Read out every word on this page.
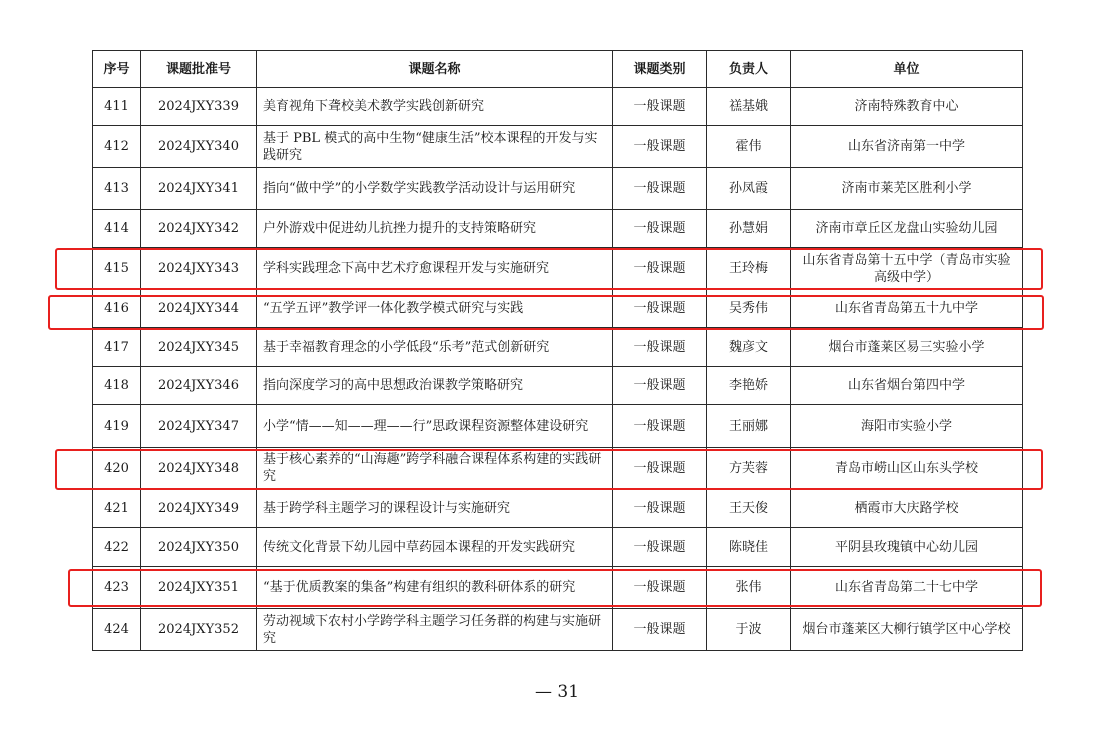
序号	课题批准号	课题名称	课题类别	负责人	单位
411	2024JXY339	美育视角下聋校美术教学实践创新研究	一般课题	禚基娥	济南特殊教育中心
412	2024JXY340	基于 PBL 模式的高中生物“健康生活”校本课程的开发与实践研究	一般课题	霍伟	山东省济南第一中学
413	2024JXY341	指向“做中学”的小学数学实践教学活动设计与运用研究	一般课题	孙凤霞	济南市莱芜区胜利小学
414	2024JXY342	户外游戏中促进幼儿抗挫力提升的支持策略研究	一般课题	孙慧娟	济南市章丘区龙盘山实验幼儿园
415	2024JXY343	学科实践理念下高中艺术疗愈课程开发与实施研究	一般课题	王玲梅	山东省青岛第十五中学（青岛市实验高级中学）
416	2024JXY344	“五学五评”教学评一体化教学模式研究与实践	一般课题	吴秀伟	山东省青岛第五十九中学
417	2024JXY345	基于幸福教育理念的小学低段“乐考”范式创新研究	一般课题	魏彦文	烟台市蓬莱区易三实验小学
418	2024JXY346	指向深度学习的高中思想政治课教学策略研究	一般课题	李艳娇	山东省烟台第四中学
419	2024JXY347	小学“情——知——理——行”思政课程资源整体建设研究	一般课题	王丽娜	海阳市实验小学
420	2024JXY348	基于核心素养的“山海趣”跨学科融合课程体系构建的实践研究	一般课题	方芙蓉	青岛市崂山区山东头学校
421	2024JXY349	基于跨学科主题学习的课程设计与实施研究	一般课题	王天俊	栖霞市大庆路学校
422	2024JXY350	传统文化背景下幼儿园中草药园本课程的开发实践研究	一般课题	陈晓佳	平阴县玫瑰镇中心幼儿园
423	2024JXY351	“基于优质教案的集备”构建有组织的教科研体系的研究	一般课题	张伟	山东省青岛第二十七中学
424	2024JXY352	劳动视域下农村小学跨学科主题学习任务群的构建与实施研究	一般课题	于波	烟台市蓬莱区大柳行镇学区中心学校
— 31
